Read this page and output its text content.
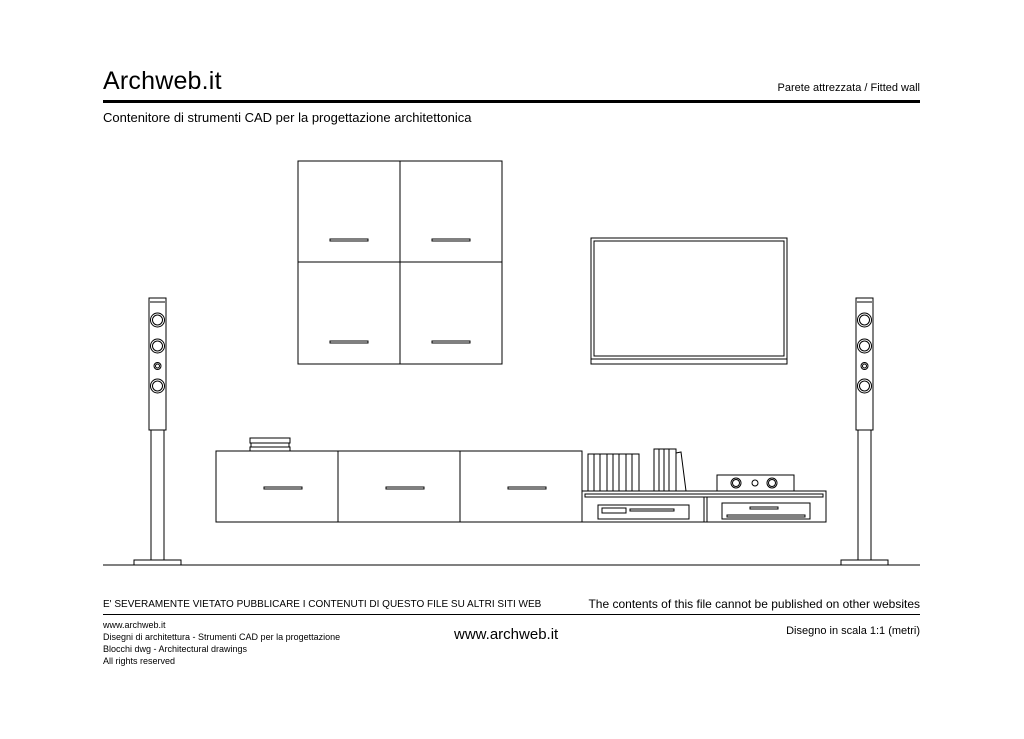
Archweb.it	Parete attrezzata / Fitted wall
Contenitore di strumenti CAD per la progettazione architettonica
E' SEVERAMENTE VIETATO PUBBLICARE I CONTENUTI DI QUESTO FILE SU ALTRI SITI WEB	The contents of this file cannot be published on other websites
www.archweb.it
Disegni di architettura - Strumenti CAD per la progettazione
Blocchi dwg - Architectural drawings
All rights reserved
www.archweb.it	Disegno in scala 1:1 (metri)
